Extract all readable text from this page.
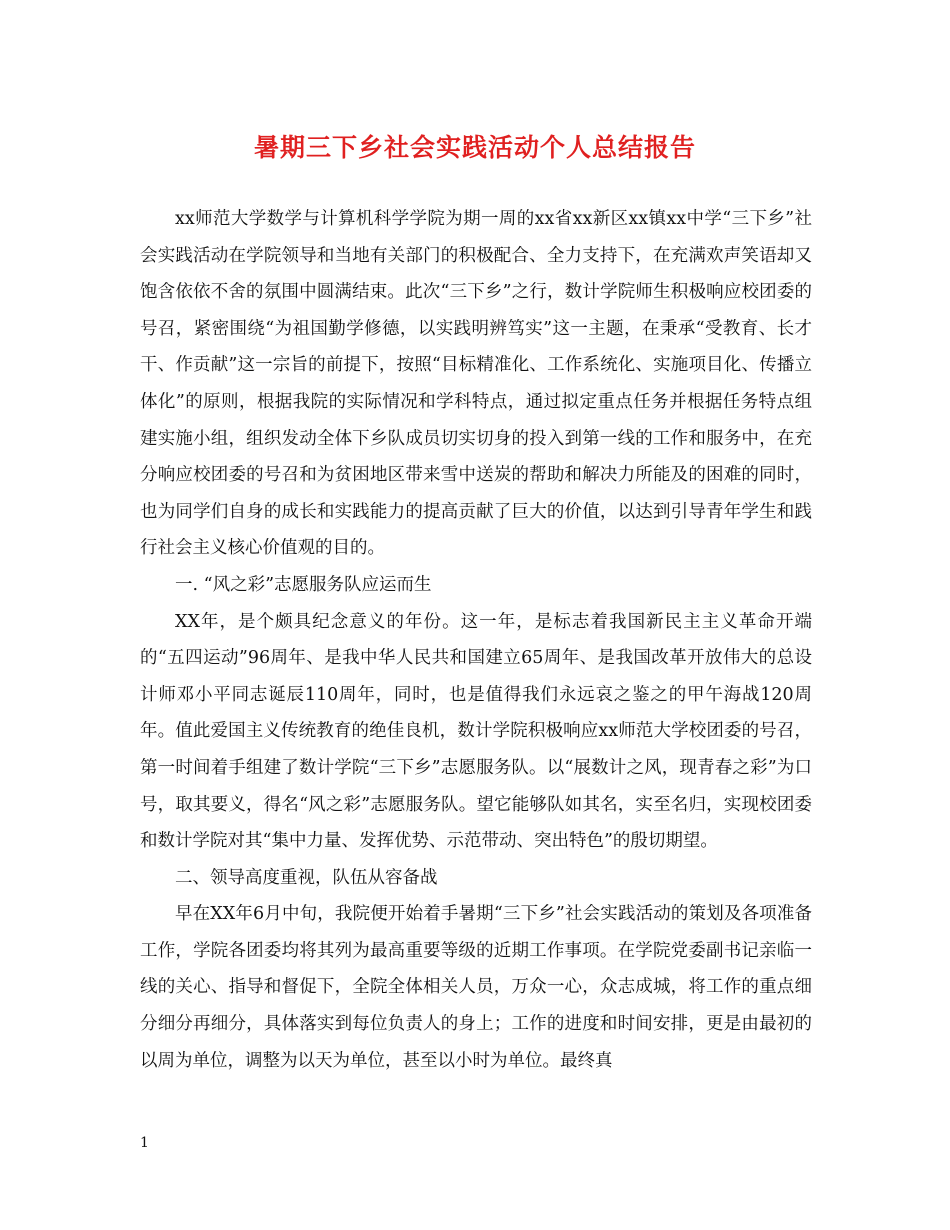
暑期三下乡社会实践活动个人总结报告

xx师范大学数学与计算机科学学院为期一周的xx省xx新区xx镇xx中学“三下乡”社会实践活动在学院领导和当地有关部门的积极配合、全力支持下，在充满欢声笑语却又饱含依依不舍的氛围中圆满结束。此次“三下乡”之行，数计学院师生积极响应校团委的号召，紧密围绕“为祖国勤学修德，以实践明辨笃实”这一主题，在秉承“受教育、长才干、作贡献”这一宗旨的前提下，按照“目标精准化、工作系统化、实施项目化、传播立体化”的原则，根据我院的实际情况和学科特点，通过拟定重点任务并根据任务特点组建实施小组，组织发动全体下乡队成员切实切身的投入到第一线的工作和服务中，在充分响应校团委的号召和为贫困地区带来雪中送炭的帮助和解决力所能及的困难的同时，也为同学们自身的成长和实践能力的提高贡献了巨大的价值，以达到引导青年学生和践行社会主义核心价值观的目的。

一. “风之彩”志愿服务队应运而生

XX年，是个颇具纪念意义的年份。这一年，是标志着我国新民主主义革命开端的“五四运动”96周年、是我中华人民共和国建立65周年、是我国改革开放伟大的总设计师邓小平同志诞辰110周年，同时，也是值得我们永远哀之鉴之的甲午海战120周年。值此爱国主义传统教育的绝佳良机，数计学院积极响应xx师范大学校团委的号召，第一时间着手组建了数计学院“三下乡”志愿服务队。以“展数计之风，现青春之彩”为口号，取其要义，得名“风之彩”志愿服务队。望它能够队如其名，实至名归，实现校团委和数计学院对其“集中力量、发挥优势、示范带动、突出特色”的殷切期望。

二、领导高度重视，队伍从容备战

早在XX年6月中旬，我院便开始着手暑期“三下乡”社会实践活动的策划及各项准备工作，学院各团委均将其列为最高重要等级的近期工作事项。在学院党委副书记亲临一线的关心、指导和督促下，全院全体相关人员，万众一心，众志成城，将工作的重点细分细分再细分，具体落实到每位负责人的身上；工作的进度和时间安排，更是由最初的以周为单位，调整为以天为单位，甚至以小时为单位。最终真

1
